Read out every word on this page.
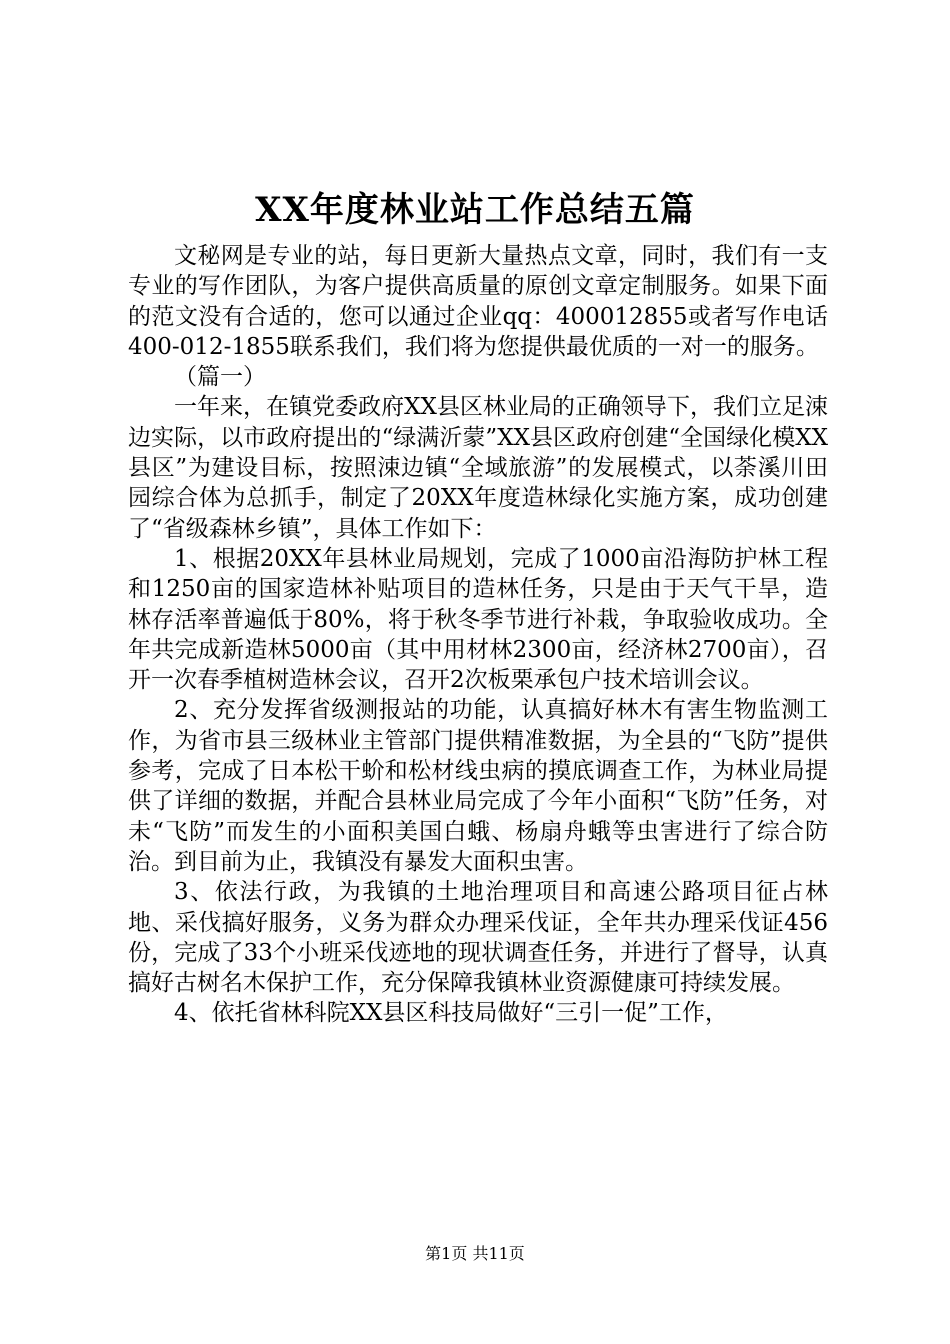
XX年度林业站工作总结五篇

文秘网是专业的站，每日更新大量热点文章，同时，我们有一支专业的写作团队，为客户提供高质量的原创文章定制服务。如果下面的范文没有合适的，您可以通过企业qq：400012855或者写作电话400-012-1855联系我们，我们将为您提供最优质的一对一的服务。

（篇一）

一年来，在镇党委政府XX县区林业局的正确领导下，我们立足涑边实际，以市政府提出的“绿满沂蒙”XX县区政府创建“全国绿化模XX县区”为建设目标，按照涑边镇“全域旅游”的发展模式，以荼溪川田园综合体为总抓手，制定了20XX年度造林绿化实施方案，成功创建了“省级森林乡镇”，具体工作如下：

1、根据20XX年县林业局规划，完成了1000亩沿海防护林工程和1250亩的国家造林补贴项目的造林任务，只是由于天气干旱，造林存活率普遍低于80%，将于秋冬季节进行补栽，争取验收成功。全年共完成新造林5000亩（其中用材林2300亩，经济林2700亩），召开一次春季植树造林会议，召开2次板栗承包户技术培训会议。

2、充分发挥省级测报站的功能，认真搞好林木有害生物监测工作，为省市县三级林业主管部门提供精准数据，为全县的“飞防”提供参考，完成了日本松干蚧和松材线虫病的摸底调查工作，为林业局提供了详细的数据，并配合县林业局完成了今年小面积“飞防”任务，对未“飞防”而发生的小面积美国白蛾、杨扇舟蛾等虫害进行了综合防治。到目前为止，我镇没有暴发大面积虫害。

3、依法行政，为我镇的土地治理项目和高速公路项目征占林地、采伐搞好服务，义务为群众办理采伐证，全年共办理采伐证456份，完成了33个小班采伐迹地的现状调查任务，并进行了督导，认真搞好古树名木保护工作，充分保障我镇林业资源健康可持续发展。

4、依托省林科院XX县区科技局做好“三引一促”工作，

第1页 共11页
